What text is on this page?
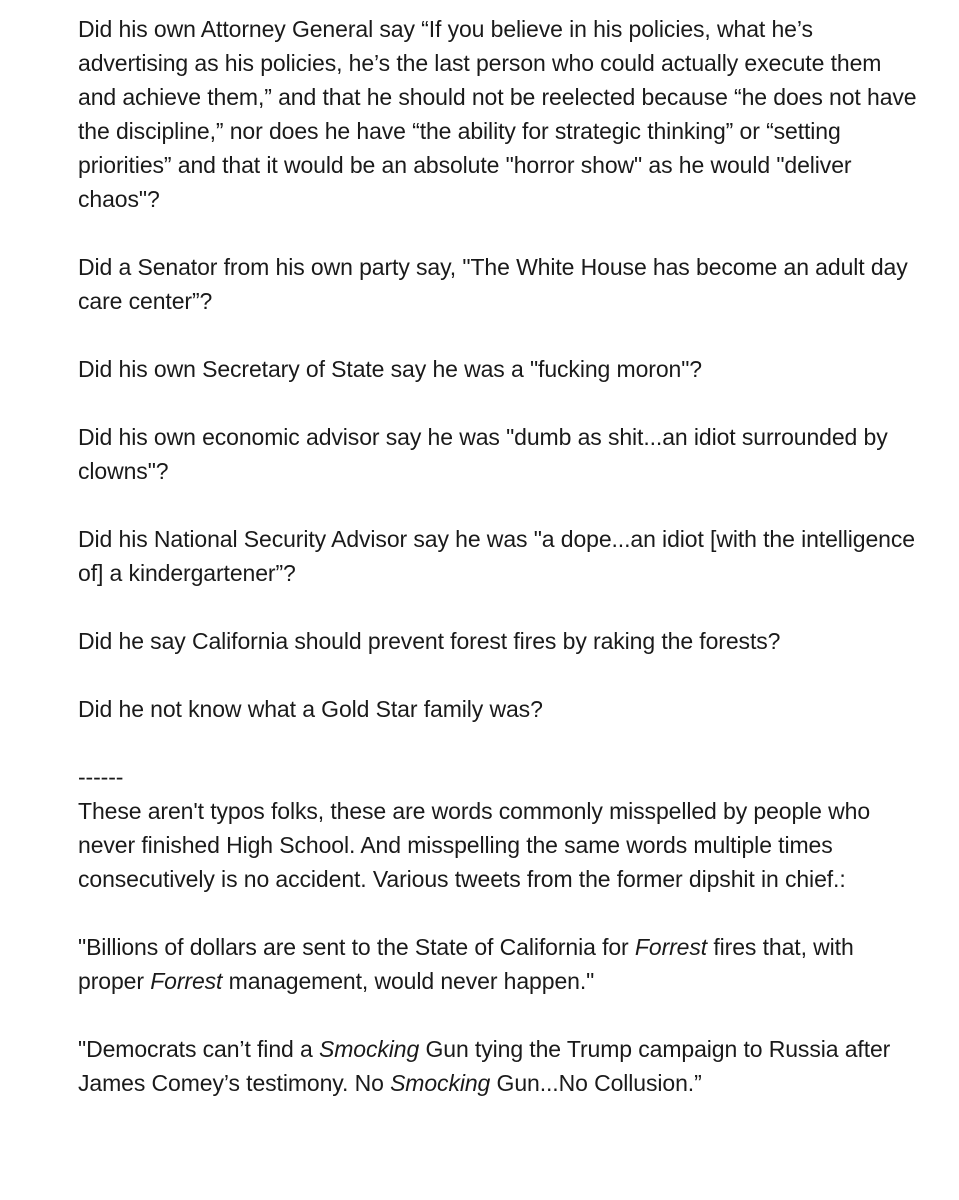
Did his own Attorney General say “If you believe in his policies, what he’s advertising as his policies, he’s the last person who could actually execute them and achieve them,” and that he should not be reelected because “he does not have the discipline,” nor does he have “the ability for strategic thinking” or “setting priorities” and that it would be an absolute "horror show" as he would "deliver chaos"?

Did a Senator from his own party say, "The White House has become an adult day care center”?

Did his own Secretary of State say he was a "fucking moron"?

Did his own economic advisor say he was "dumb as shit...an idiot surrounded by clowns"?

Did his National Security Advisor say he was "a dope...an idiot [with the intelligence of] a kindergartener”?

Did he say California should prevent forest fires by raking the forests?

Did he not know what a Gold Star family was?

------

These aren't typos folks, these are words commonly misspelled by people who never finished High School. And misspelling the same words multiple times consecutively is no accident. Various tweets from the former dipshit in chief.:

"Billions of dollars are sent to the State of California for Forrest fires that, with proper Forrest management, would never happen."

"Democrats can’t find a Smocking Gun tying the Trump campaign to Russia after James Comey’s testimony. No Smocking Gun...No Collusion.”
